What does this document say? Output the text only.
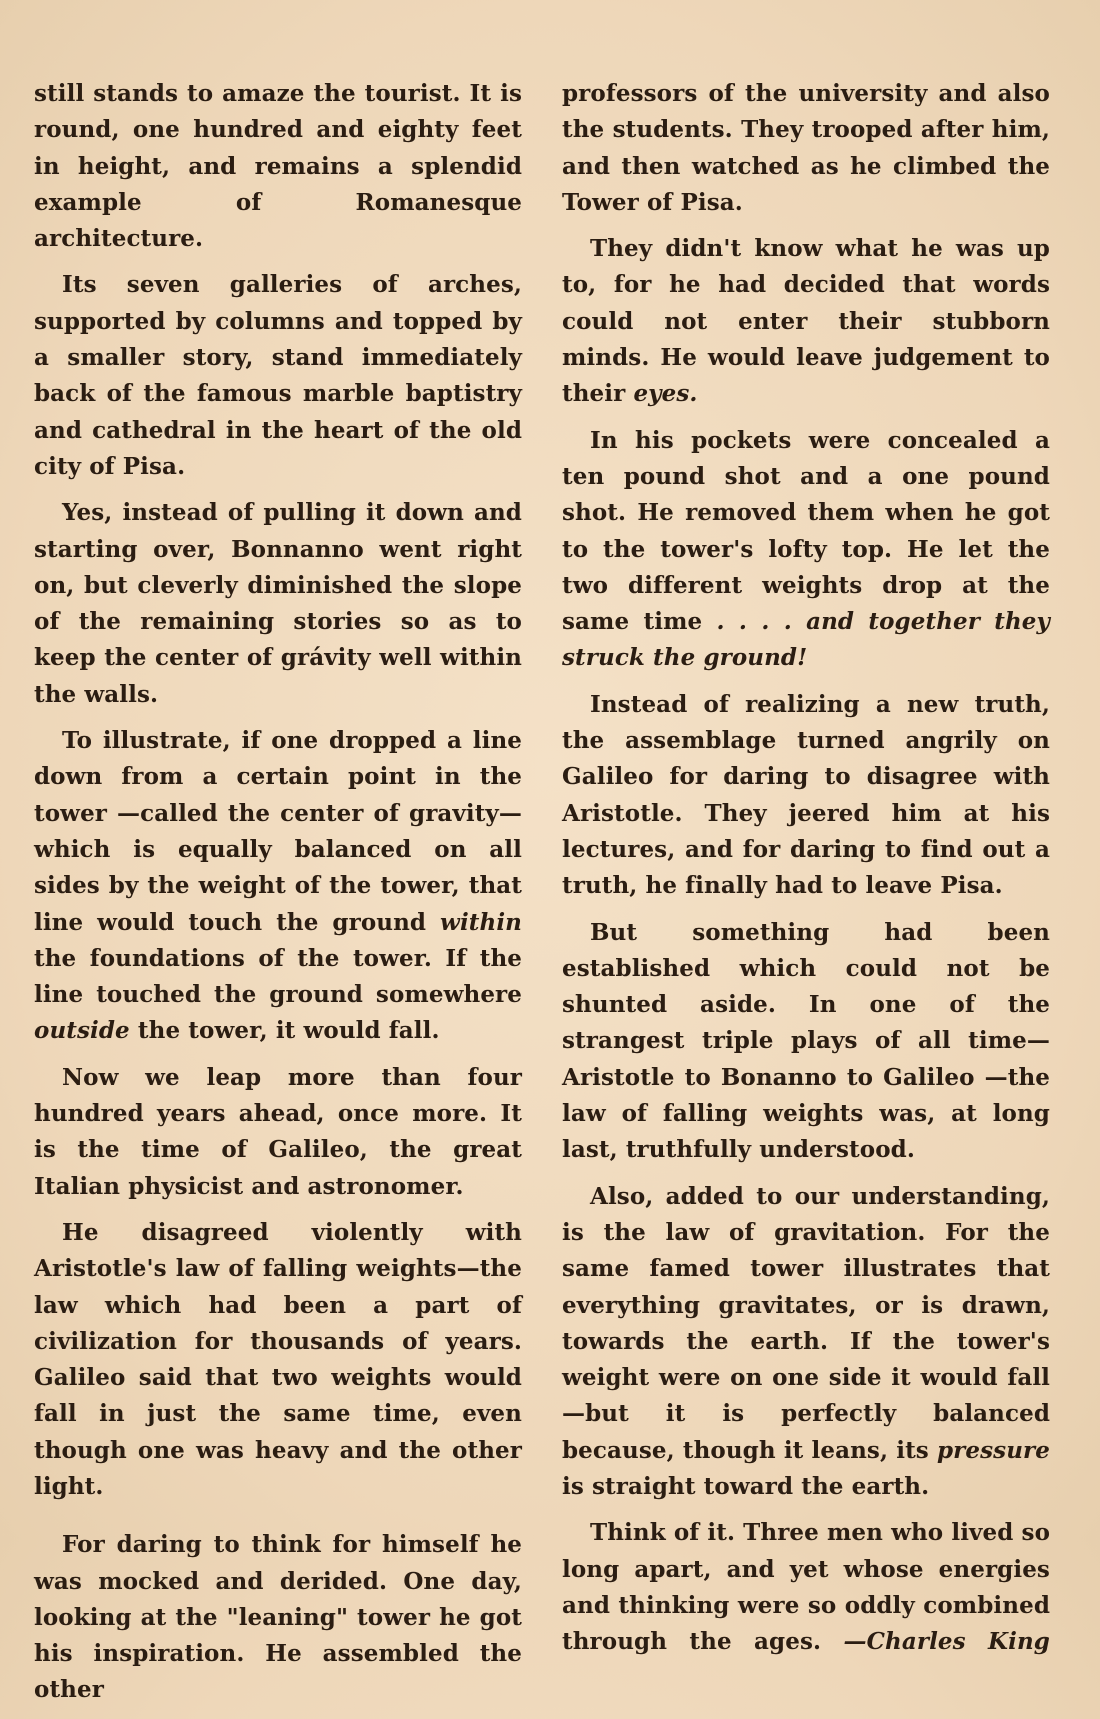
still stands to amaze the tourist. It is round, one hundred and eighty feet in height, and remains a splendid example of Romanesque architecture.

Its seven galleries of arches, supported by columns and topped by a smaller story, stand immediately back of the famous marble baptistry and cathedral in the heart of the old city of Pisa.

Yes, instead of pulling it down and starting over, Bonnanno went right on, but cleverly diminished the slope of the remaining stories so as to keep the center of grávity well within the walls.

To illustrate, if one dropped a line down from a certain point in the tower —called the center of gravity—which is equally balanced on all sides by the weight of the tower, that line would touch the ground within the foundations of the tower. If the line touched the ground somewhere outside the tower, it would fall.

Now we leap more than four hundred years ahead, once more. It is the time of Galileo, the great Italian physicist and astronomer.

He disagreed violently with Aristotle's law of falling weights—the law which had been a part of civilization for thousands of years. Galileo said that two weights would fall in just the same time, even though one was heavy and the other light.

For daring to think for himself he was mocked and derided. One day, looking at the "leaning" tower he got his inspiration. He assembled the other

professors of the university and also the students. They trooped after him, and then watched as he climbed the Tower of Pisa.

They didn't know what he was up to, for he had decided that words could not enter their stubborn minds. He would leave judgement to their eyes.

In his pockets were concealed a ten pound shot and a one pound shot. He removed them when he got to the tower's lofty top. He let the two different weights drop at the same time . . . . and together they struck the ground!

Instead of realizing a new truth, the assemblage turned angrily on Galileo for daring to disagree with Aristotle. They jeered him at his lectures, and for daring to find out a truth, he finally had to leave Pisa.

But something had been established which could not be shunted aside. In one of the strangest triple plays of all time—Aristotle to Bonanno to Galileo —the law of falling weights was, at long last, truthfully understood.

Also, added to our understanding, is the law of gravitation. For the same famed tower illustrates that everything gravitates, or is drawn, towards the earth. If the tower's weight were on one side it would fall—but it is perfectly balanced because, though it leans, its pressure is straight toward the earth.

Think of it. Three men who lived so long apart, and yet whose energies and thinking were so oddly combined through the ages. —Charles King
